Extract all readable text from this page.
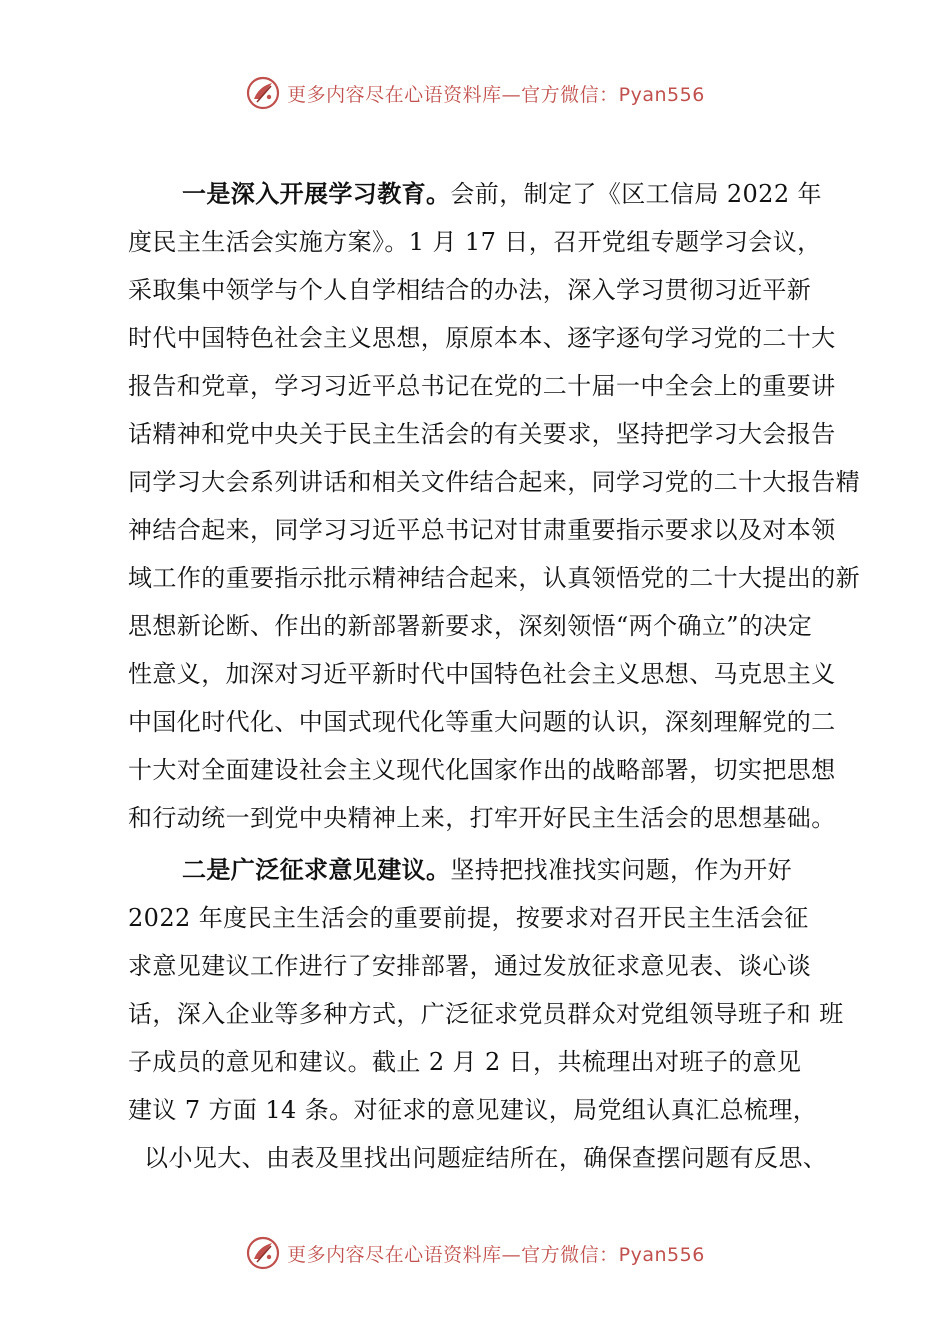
更多内容尽在心语资料库—官方微信：Pyan556
一是深入开展学习教育。会前，制定了《区工信局 2022 年
度民主生活会实施方案》。1 月 17 日，召开党组专题学习会议，
采取集中领学与个人自学相结合的办法，深入学习贯彻习近平新
时代中国特色社会主义思想，原原本本、逐字逐句学习党的二十大
报告和党章，学习习近平总书记在党的二十届一中全会上的重要讲
话精神和党中央关于民主生活会的有关要求，坚持把学习大会报告
同学习大会系列讲话和相关文件结合起来，同学习党的二十大报告精
神结合起来，同学习习近平总书记对甘肃重要指示要求以及对本领
域工作的重要指示批示精神结合起来，认真领悟党的二十大提出的新
思想新论断、作出的新部署新要求，深刻领悟“两个确立”的决定
性意义，加深对习近平新时代中国特色社会主义思想、马克思主义
中国化时代化、中国式现代化等重大问题的认识，深刻理解党的二
十大对全面建设社会主义现代化国家作出的战略部署，切实把思想
和行动统一到党中央精神上来，打牢开好民主生活会的思想基础。
二是广泛征求意见建议。坚持把找准找实问题，作为开好
2022 年度民主生活会的重要前提，按要求对召开民主生活会征
求意见建议工作进行了安排部署，通过发放征求意见表、谈心谈
话，深入企业等多种方式，广泛征求党员群众对党组领导班子和 班
子成员的意见和建议。截止 2 月 2 日，共梳理出对班子的意见
建议 7 方面 14 条。对征求的意见建议，局党组认真汇总梳理，
以小见大、由表及里找出问题症结所在，确保查摆问题有反思、
更多内容尽在心语资料库—官方微信：Pyan556
